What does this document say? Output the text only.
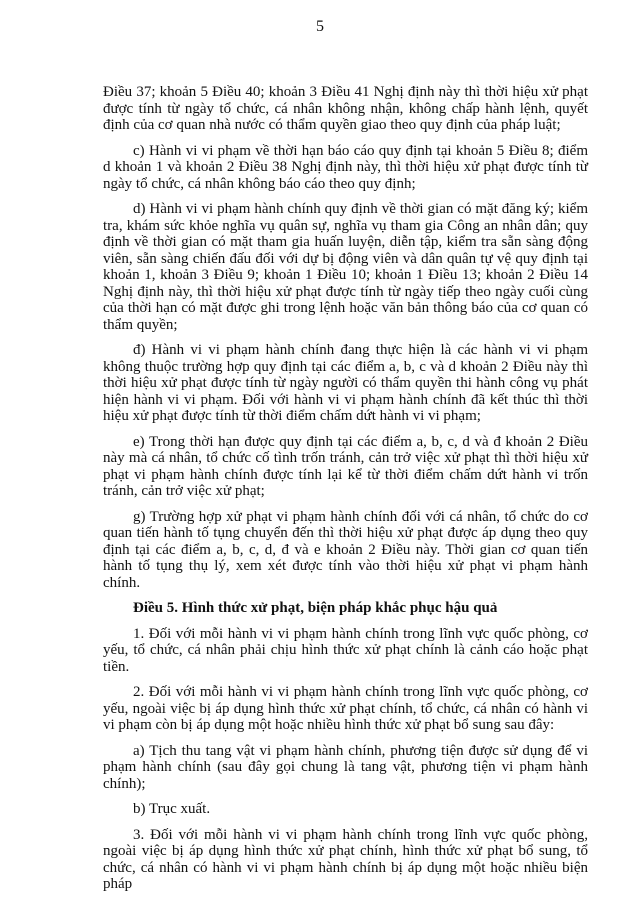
5

Điều 37; khoản 5 Điều 40; khoản 3 Điều 41 Nghị định này thì thời hiệu xử phạt được tính từ ngày tổ chức, cá nhân không nhận, không chấp hành lệnh, quyết định của cơ quan nhà nước có thẩm quyền giao theo quy định của pháp luật;

c) Hành vi vi phạm về thời hạn báo cáo quy định tại khoản 5 Điều 8; điểm d khoản 1 và khoản 2 Điều 38 Nghị định này, thì thời hiệu xử phạt được tính từ ngày tổ chức, cá nhân không báo cáo theo quy định;

d) Hành vi vi phạm hành chính quy định về thời gian có mặt đăng ký; kiểm tra, khám sức khỏe nghĩa vụ quân sự, nghĩa vụ tham gia Công an nhân dân; quy định về thời gian có mặt tham gia huấn luyện, diễn tập, kiểm tra sẵn sàng động viên, sẵn sàng chiến đấu đối với dự bị động viên và dân quân tự vệ quy định tại khoản 1, khoản 3 Điều 9; khoản 1 Điều 10; khoản 1 Điều 13; khoản 2 Điều 14 Nghị định này, thì thời hiệu xử phạt được tính từ ngày tiếp theo ngày cuối cùng của thời hạn có mặt được ghi trong lệnh hoặc văn bản thông báo của cơ quan có thẩm quyền;

đ) Hành vi vi phạm hành chính đang thực hiện là các hành vi vi phạm không thuộc trường hợp quy định tại các điểm a, b, c và d khoản 2 Điều này thì thời hiệu xử phạt được tính từ ngày người có thẩm quyền thi hành công vụ phát hiện hành vi vi phạm. Đối với hành vi vi phạm hành chính đã kết thúc thì thời hiệu xử phạt được tính từ thời điểm chấm dứt hành vi vi phạm;

e) Trong thời hạn được quy định tại các điểm a, b, c, d và đ khoản 2 Điều này mà cá nhân, tổ chức cố tình trốn tránh, cản trở việc xử phạt thì thời hiệu xử phạt vi phạm hành chính được tính lại kể từ thời điểm chấm dứt hành vi trốn tránh, cản trở việc xử phạt;

g) Trường hợp xử phạt vi phạm hành chính đối với cá nhân, tổ chức do cơ quan tiến hành tố tụng chuyển đến thì thời hiệu xử phạt được áp dụng theo quy định tại các điểm a, b, c, d, đ và e khoản 2 Điều này. Thời gian cơ quan tiến hành tố tụng thụ lý, xem xét được tính vào thời hiệu xử phạt vi phạm hành chính.

Điều 5. Hình thức xử phạt, biện pháp khắc phục hậu quả

1. Đối với mỗi hành vi vi phạm hành chính trong lĩnh vực quốc phòng, cơ yếu, tổ chức, cá nhân phải chịu hình thức xử phạt chính là cảnh cáo hoặc phạt tiền.

2. Đối với mỗi hành vi vi phạm hành chính trong lĩnh vực quốc phòng, cơ yếu, ngoài việc bị áp dụng hình thức xử phạt chính, tổ chức, cá nhân có hành vi vi phạm còn bị áp dụng một hoặc nhiều hình thức xử phạt bổ sung sau đây:

a) Tịch thu tang vật vi phạm hành chính, phương tiện được sử dụng để vi phạm hành chính (sau đây gọi chung là tang vật, phương tiện vi phạm hành chính);

b) Trục xuất.

3. Đối với mỗi hành vi vi phạm hành chính trong lĩnh vực quốc phòng, ngoài việc bị áp dụng hình thức xử phạt chính, hình thức xử phạt bổ sung, tổ chức, cá nhân có hành vi vi phạm hành chính bị áp dụng một hoặc nhiều biện pháp
